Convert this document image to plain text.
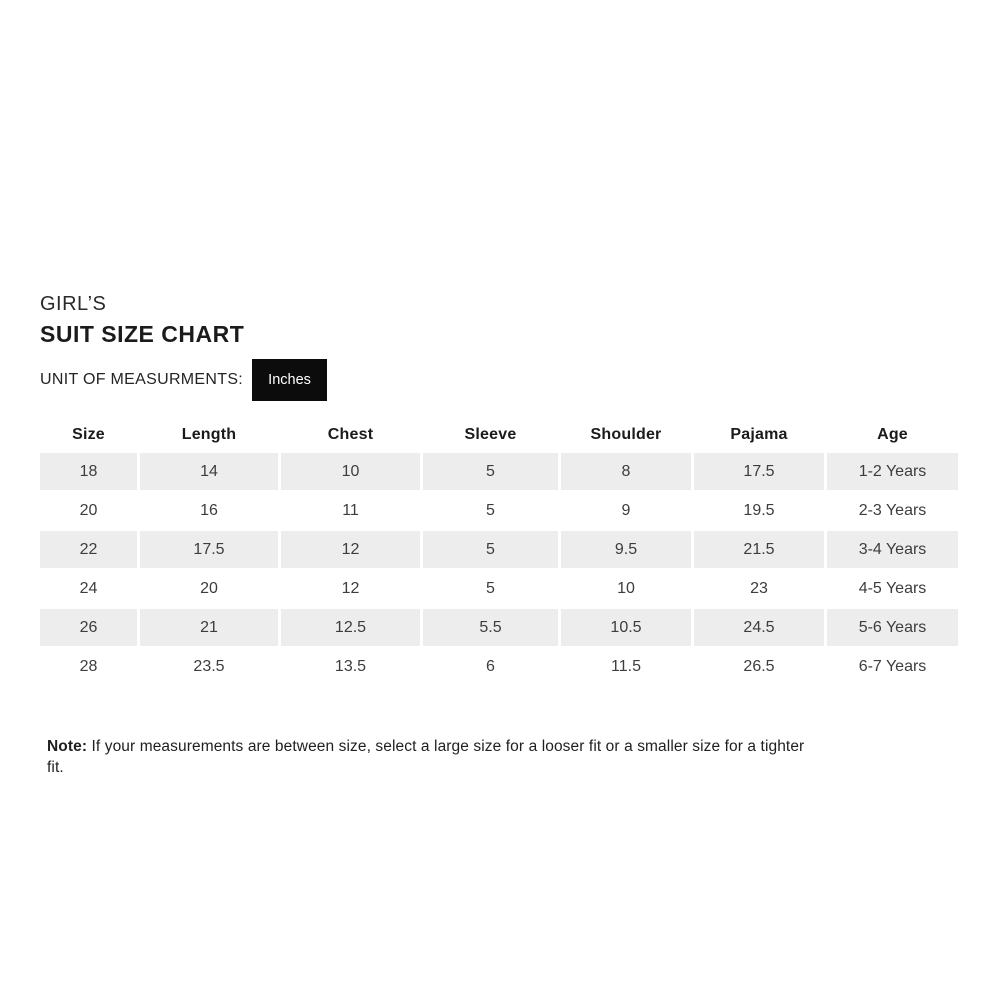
GIRL’S
SUIT SIZE CHART
UNIT OF MEASURMENTS:	Inches
Size	Length	Chest	Sleeve	Shoulder	Pajama	Age
18	14	10	5	8	17.5	1-2 Years
20	16	11	5	9	19.5	2-3 Years
22	17.5	12	5	9.5	21.5	3-4 Years
24	20	12	5	10	23	4-5 Years
26	21	12.5	5.5	10.5	24.5	5-6 Years
28	23.5	13.5	6	11.5	26.5	6-7 Years
Note: If your measurements are between size, select a large size for a looser fit or a smaller size for a tighter fit.
